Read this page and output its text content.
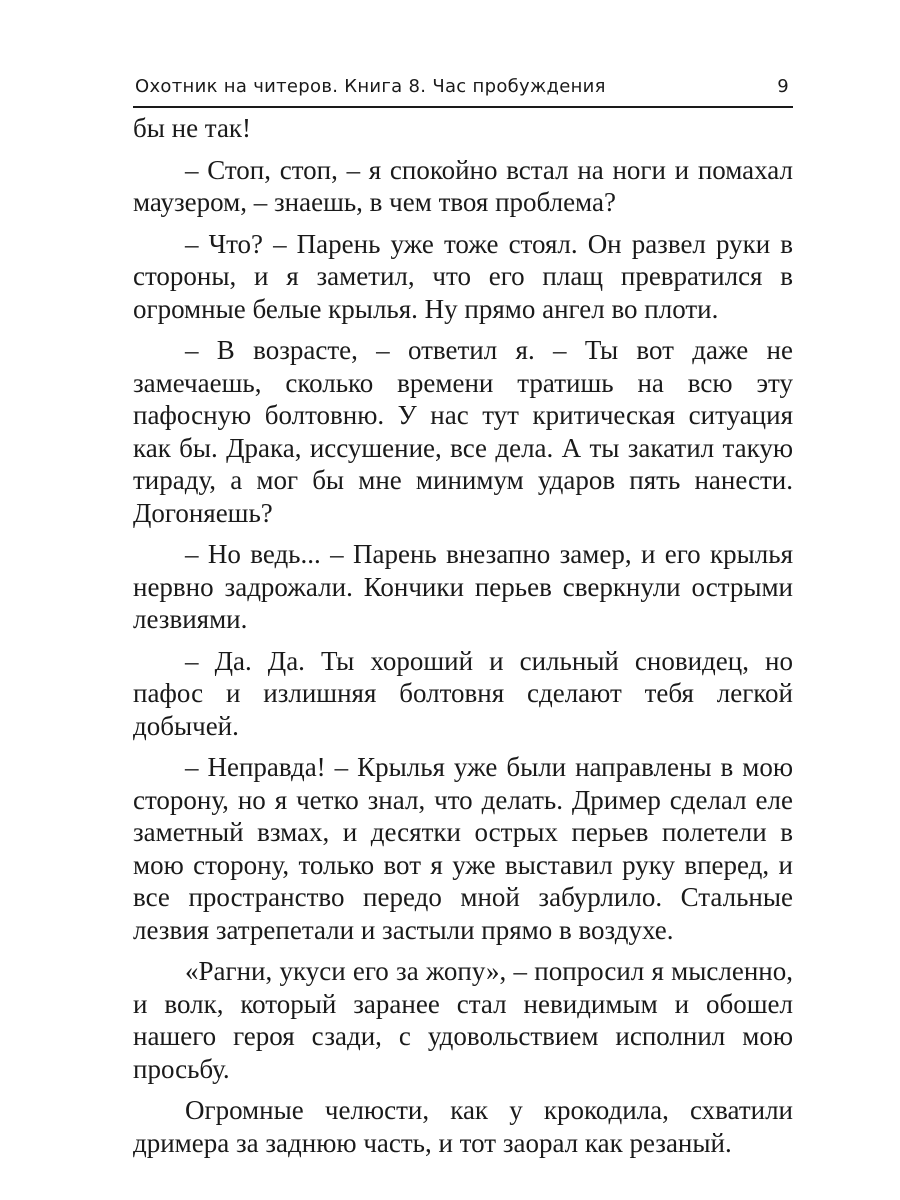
Охотник на читеров. Книга 8. Час пробуждения	9

бы не так!

– Стоп, стоп, – я спокойно встал на ноги и помахал маузером, – знаешь, в чем твоя проблема?

– Что? – Парень уже тоже стоял. Он развел руки в стороны, и я заметил, что его плащ превратился в огромные белые крылья. Ну прямо ангел во плоти.

– В возрасте, – ответил я. – Ты вот даже не замечаешь, сколько времени тратишь на всю эту пафосную болтовню. У нас тут критическая ситуация как бы. Драка, иссушение, все дела. А ты закатил такую тираду, а мог бы мне минимум ударов пять нанести. Догоняешь?

– Но ведь... – Парень внезапно замер, и его крылья нервно задрожали. Кончики перьев сверкнули острыми лезвиями.

– Да. Да. Ты хороший и сильный сновидец, но пафос и излишняя болтовня сделают тебя легкой добычей.

– Неправда! – Крылья уже были направлены в мою сторону, но я четко знал, что делать. Дример сделал еле заметный взмах, и десятки острых перьев полетели в мою сторону, только вот я уже выставил руку вперед, и все пространство передо мной забурлило. Стальные лезвия затрепетали и застыли прямо в воздухе.

«Рагни, укуси его за жопу», – попросил я мысленно, и волк, который заранее стал невидимым и обошел нашего героя сзади, с удовольствием исполнил мою просьбу.

Огромные челюсти, как у крокодила, схватили дримера за заднюю часть, и тот заорал как резаный.
